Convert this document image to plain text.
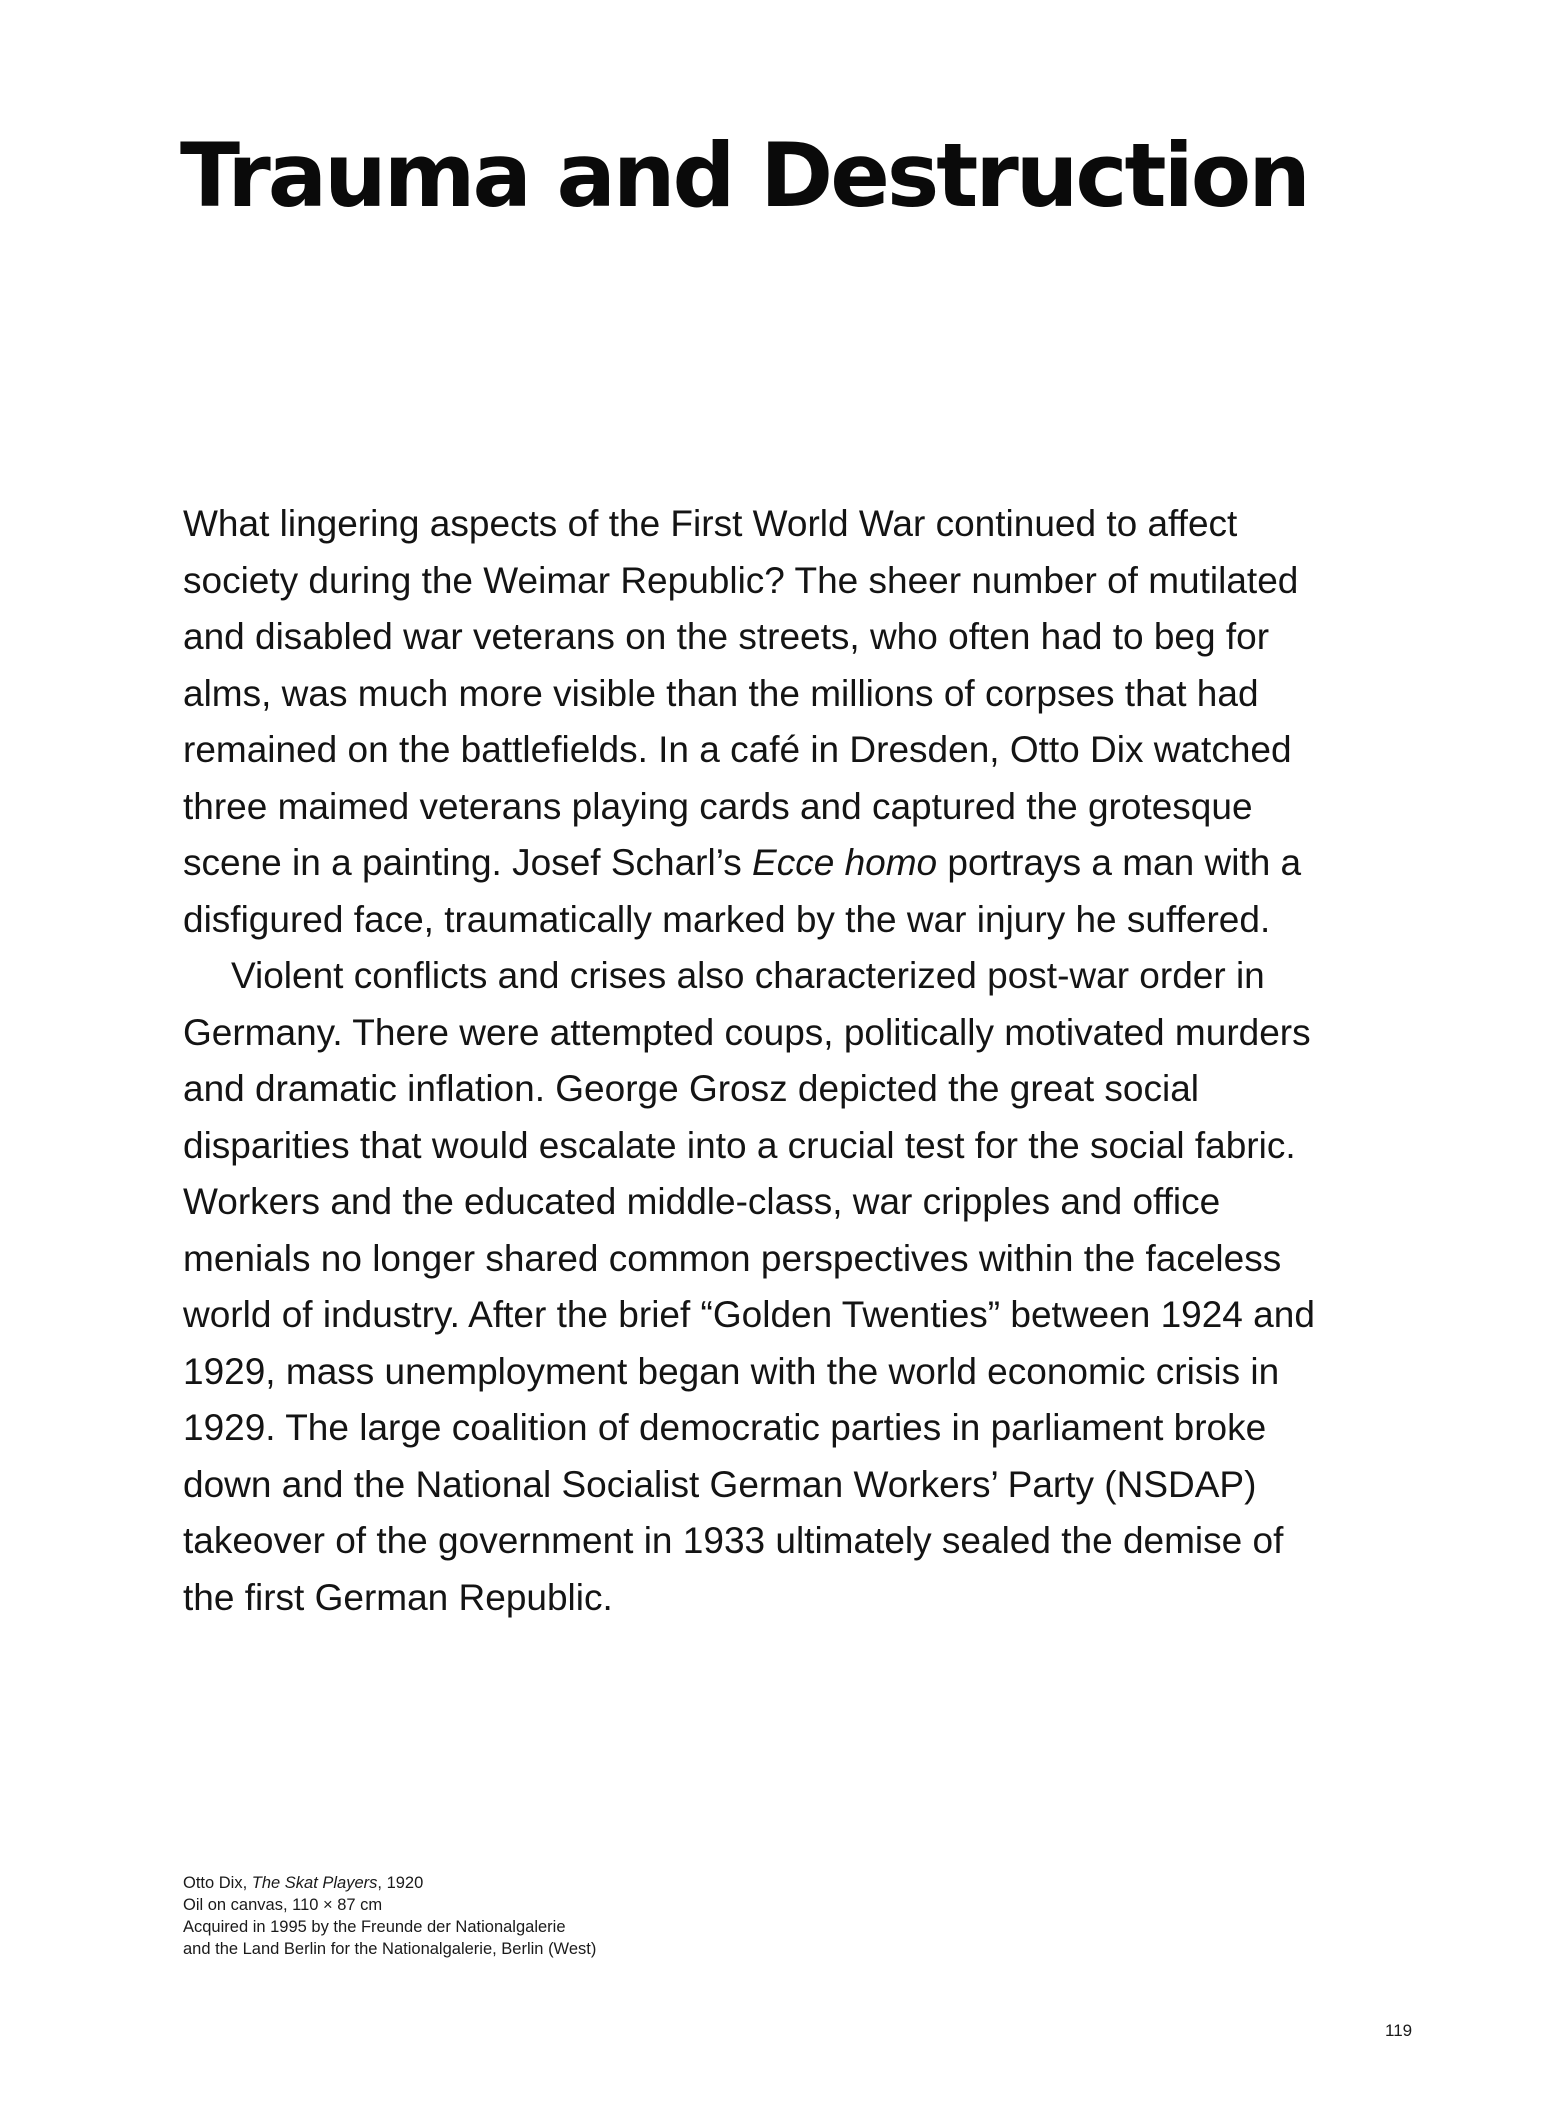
Trauma and Destruction

What lingering aspects of the First World War continued to affect
society during the Weimar Republic? The sheer number of mutilated
and disabled war veterans on the streets, who often had to beg for
alms, was much more visible than the millions of corpses that had
remained on the battlefields. In a café in Dresden, Otto Dix watched
three maimed veterans playing cards and captured the grotesque
scene in a painting. Josef Scharl’s Ecce homo portrays a man with a
disfigured face, traumatically marked by the war injury he suffered.

Violent conflicts and crises also characterized post-war order in
Germany. There were attempted coups, politically motivated murders
and dramatic inflation. George Grosz depicted the great social
disparities that would escalate into a crucial test for the social fabric.
Workers and the educated middle-class, war cripples and office
menials no longer shared common perspectives within the faceless
world of industry. After the brief “Golden Twenties” between 1924 and
1929, mass unemployment began with the world economic crisis in
1929. The large coalition of democratic parties in parliament broke
down and the National Socialist German Workers’ Party (NSDAP)
takeover of the government in 1933 ultimately sealed the demise of
the first German Republic.

Otto Dix, The Skat Players, 1920
Oil on canvas, 110 × 87 cm
Acquired in 1995 by the Freunde der Nationalgalerie
and the Land Berlin for the Nationalgalerie, Berlin (West)
119
